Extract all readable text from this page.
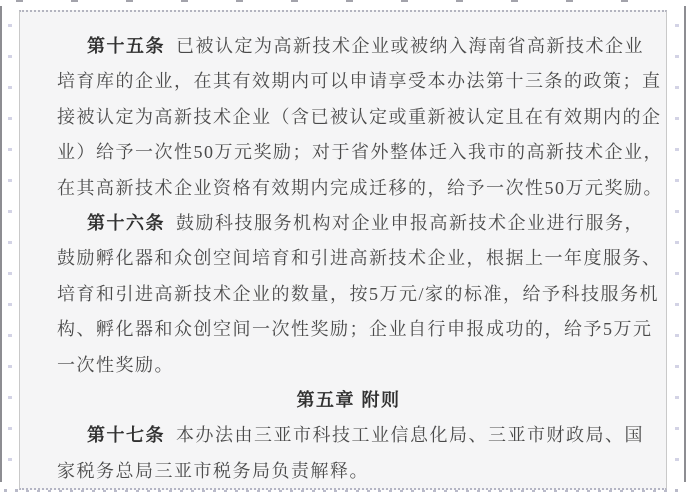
第十五条 已被认定为高新技术企业或被纳入海南省高新技术企业
培育库的企业，在其有效期内可以申请享受本办法第十三条的政策；直
接被认定为高新技术企业（含已被认定或重新被认定且在有效期内的企
业）给予一次性50万元奖励；对于省外整体迁入我市的高新技术企业，
在其高新技术企业资格有效期内完成迁移的，给予一次性50万元奖励。
第十六条 鼓励科技服务机构对企业申报高新技术企业进行服务，
鼓励孵化器和众创空间培育和引进高新技术企业，根据上一年度服务、
培育和引进高新技术企业的数量，按5万元/家的标准，给予科技服务机
构、孵化器和众创空间一次性奖励；企业自行申报成功的，给予5万元
一次性奖励。
第五章 附则
第十七条 本办法由三亚市科技工业信息化局、三亚市财政局、国
家税务总局三亚市税务局负责解释。
